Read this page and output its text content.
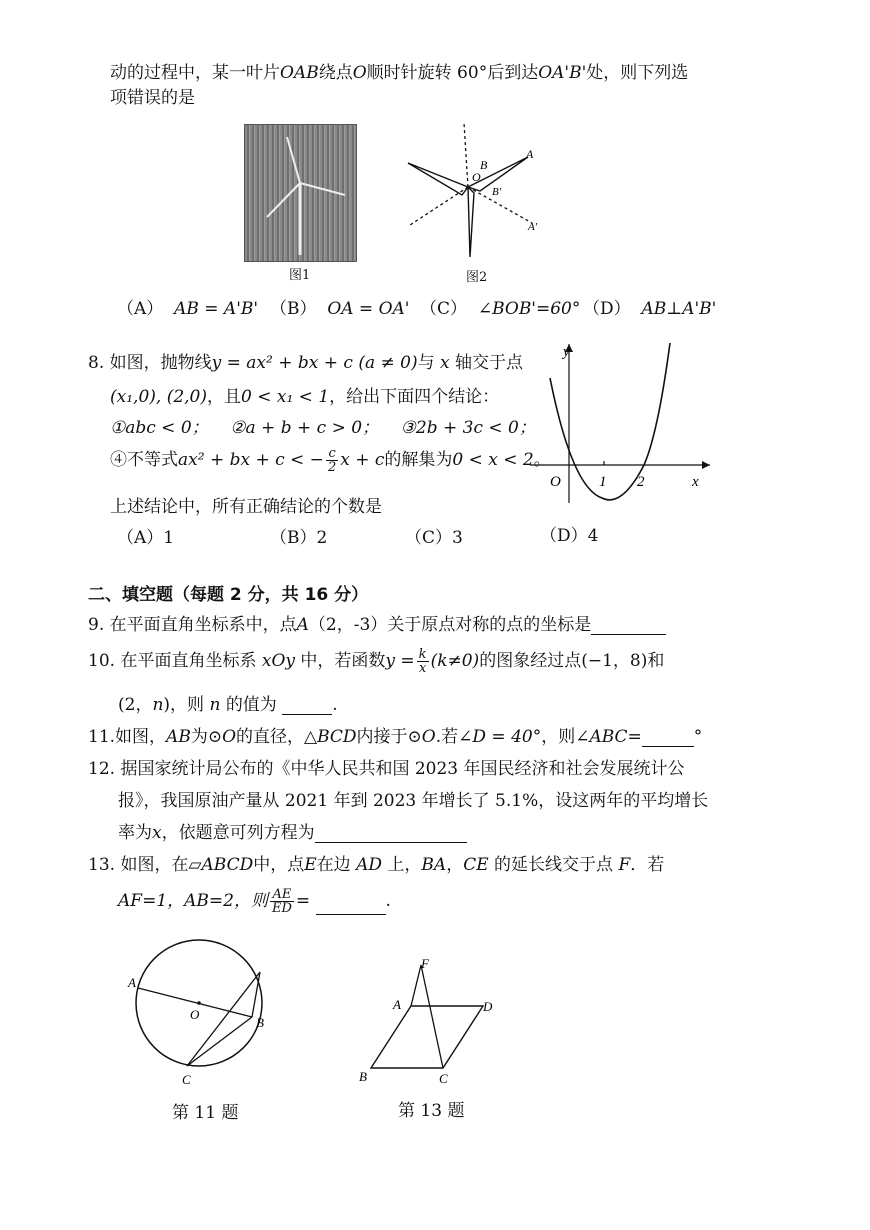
动的过程中，某一叶片OAB绕点O顺时针旋转 60°后到达OA'B'处，则下列选
项错误的是
图1
A
B
O
B'
A'
图2
（A） AB = A'B' （B） OA = OA' （C） ∠BOB'=60° （D） AB⊥A'B'
8. 如图，抛物线y = ax² + bx + c (a ≠ 0)与 x 轴交于点
(x₁,0), (2,0)，且0 < x₁ < 1，给出下面四个结论：
①abc < 0； ②a + b + c > 0； ③2b + 3c < 0；
④不等式ax² + bx + c < − $\frac{c}{2}$ x + c的解集为0 < x < 2。
上述结论中，所有正确结论的个数是
（A）1	（B）2	（C）3	（D）4
y
x
O	1 2
二、填空题（每题 2 分，共 16 分）
9. 在平面直角坐标系中，点A（2，-3）关于原点对称的点的坐标是
10. 在平面直角坐标系 xOy 中，若函数$y = \frac{k}{x} (k\ne 0)$的图象经过点(−1，8)和
(2，n)，则 n 的值为	.
11.如图，AB为⊙O的直径，△BCD内接于⊙O.若∠D = 40°，则∠ABC=	°
12. 据国家统计局公布的《中华人民共和国 2023 年国民经济和社会发展统计公
报》，我国原油产量从 2021 年到 2023 年增长了 5.1%，设这两年的平均增长
率为x，依题意可列方程为
13. 如图，在▱ABCD中，点E在边 AD 上，BA，CE 的延长线交于点 F．若
AF=1，AB=2，则 $\frac{AE}{ED}$ =	.
A
O
B
C
第 11 题
F
A	D
B	C
第 13 题
